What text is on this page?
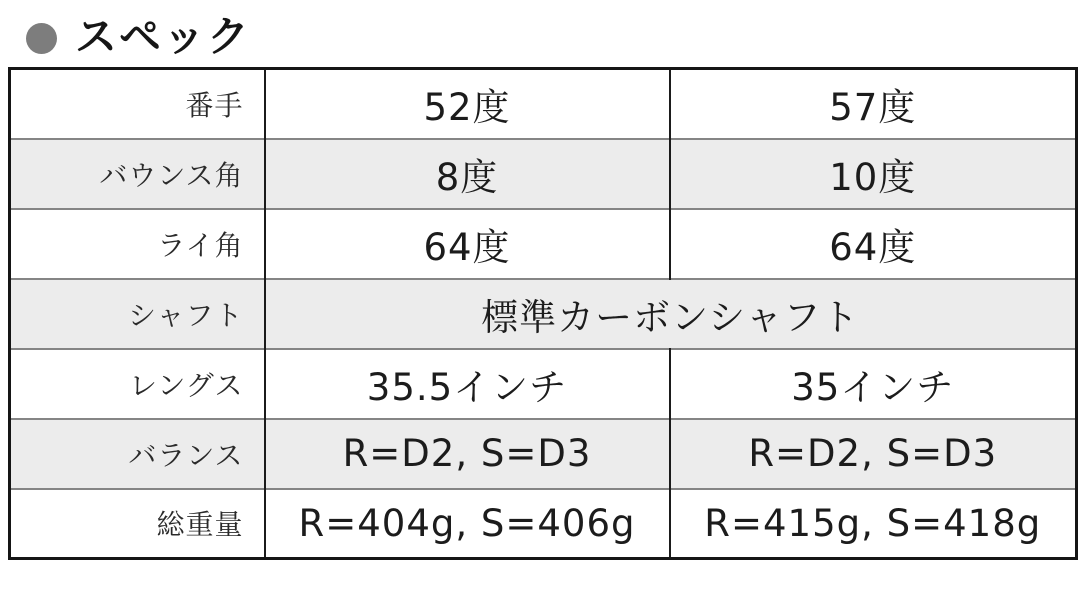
スペック
番手	52度	57度
バウンス角	8度	10度
ライ角	64度	64度
シャフト	標準カーボンシャフト	
レングス	35.5インチ	35インチ
バランス	R=D2, S=D3	R=D2, S=D3
総重量	R=404g, S=406g	R=415g, S=418g
